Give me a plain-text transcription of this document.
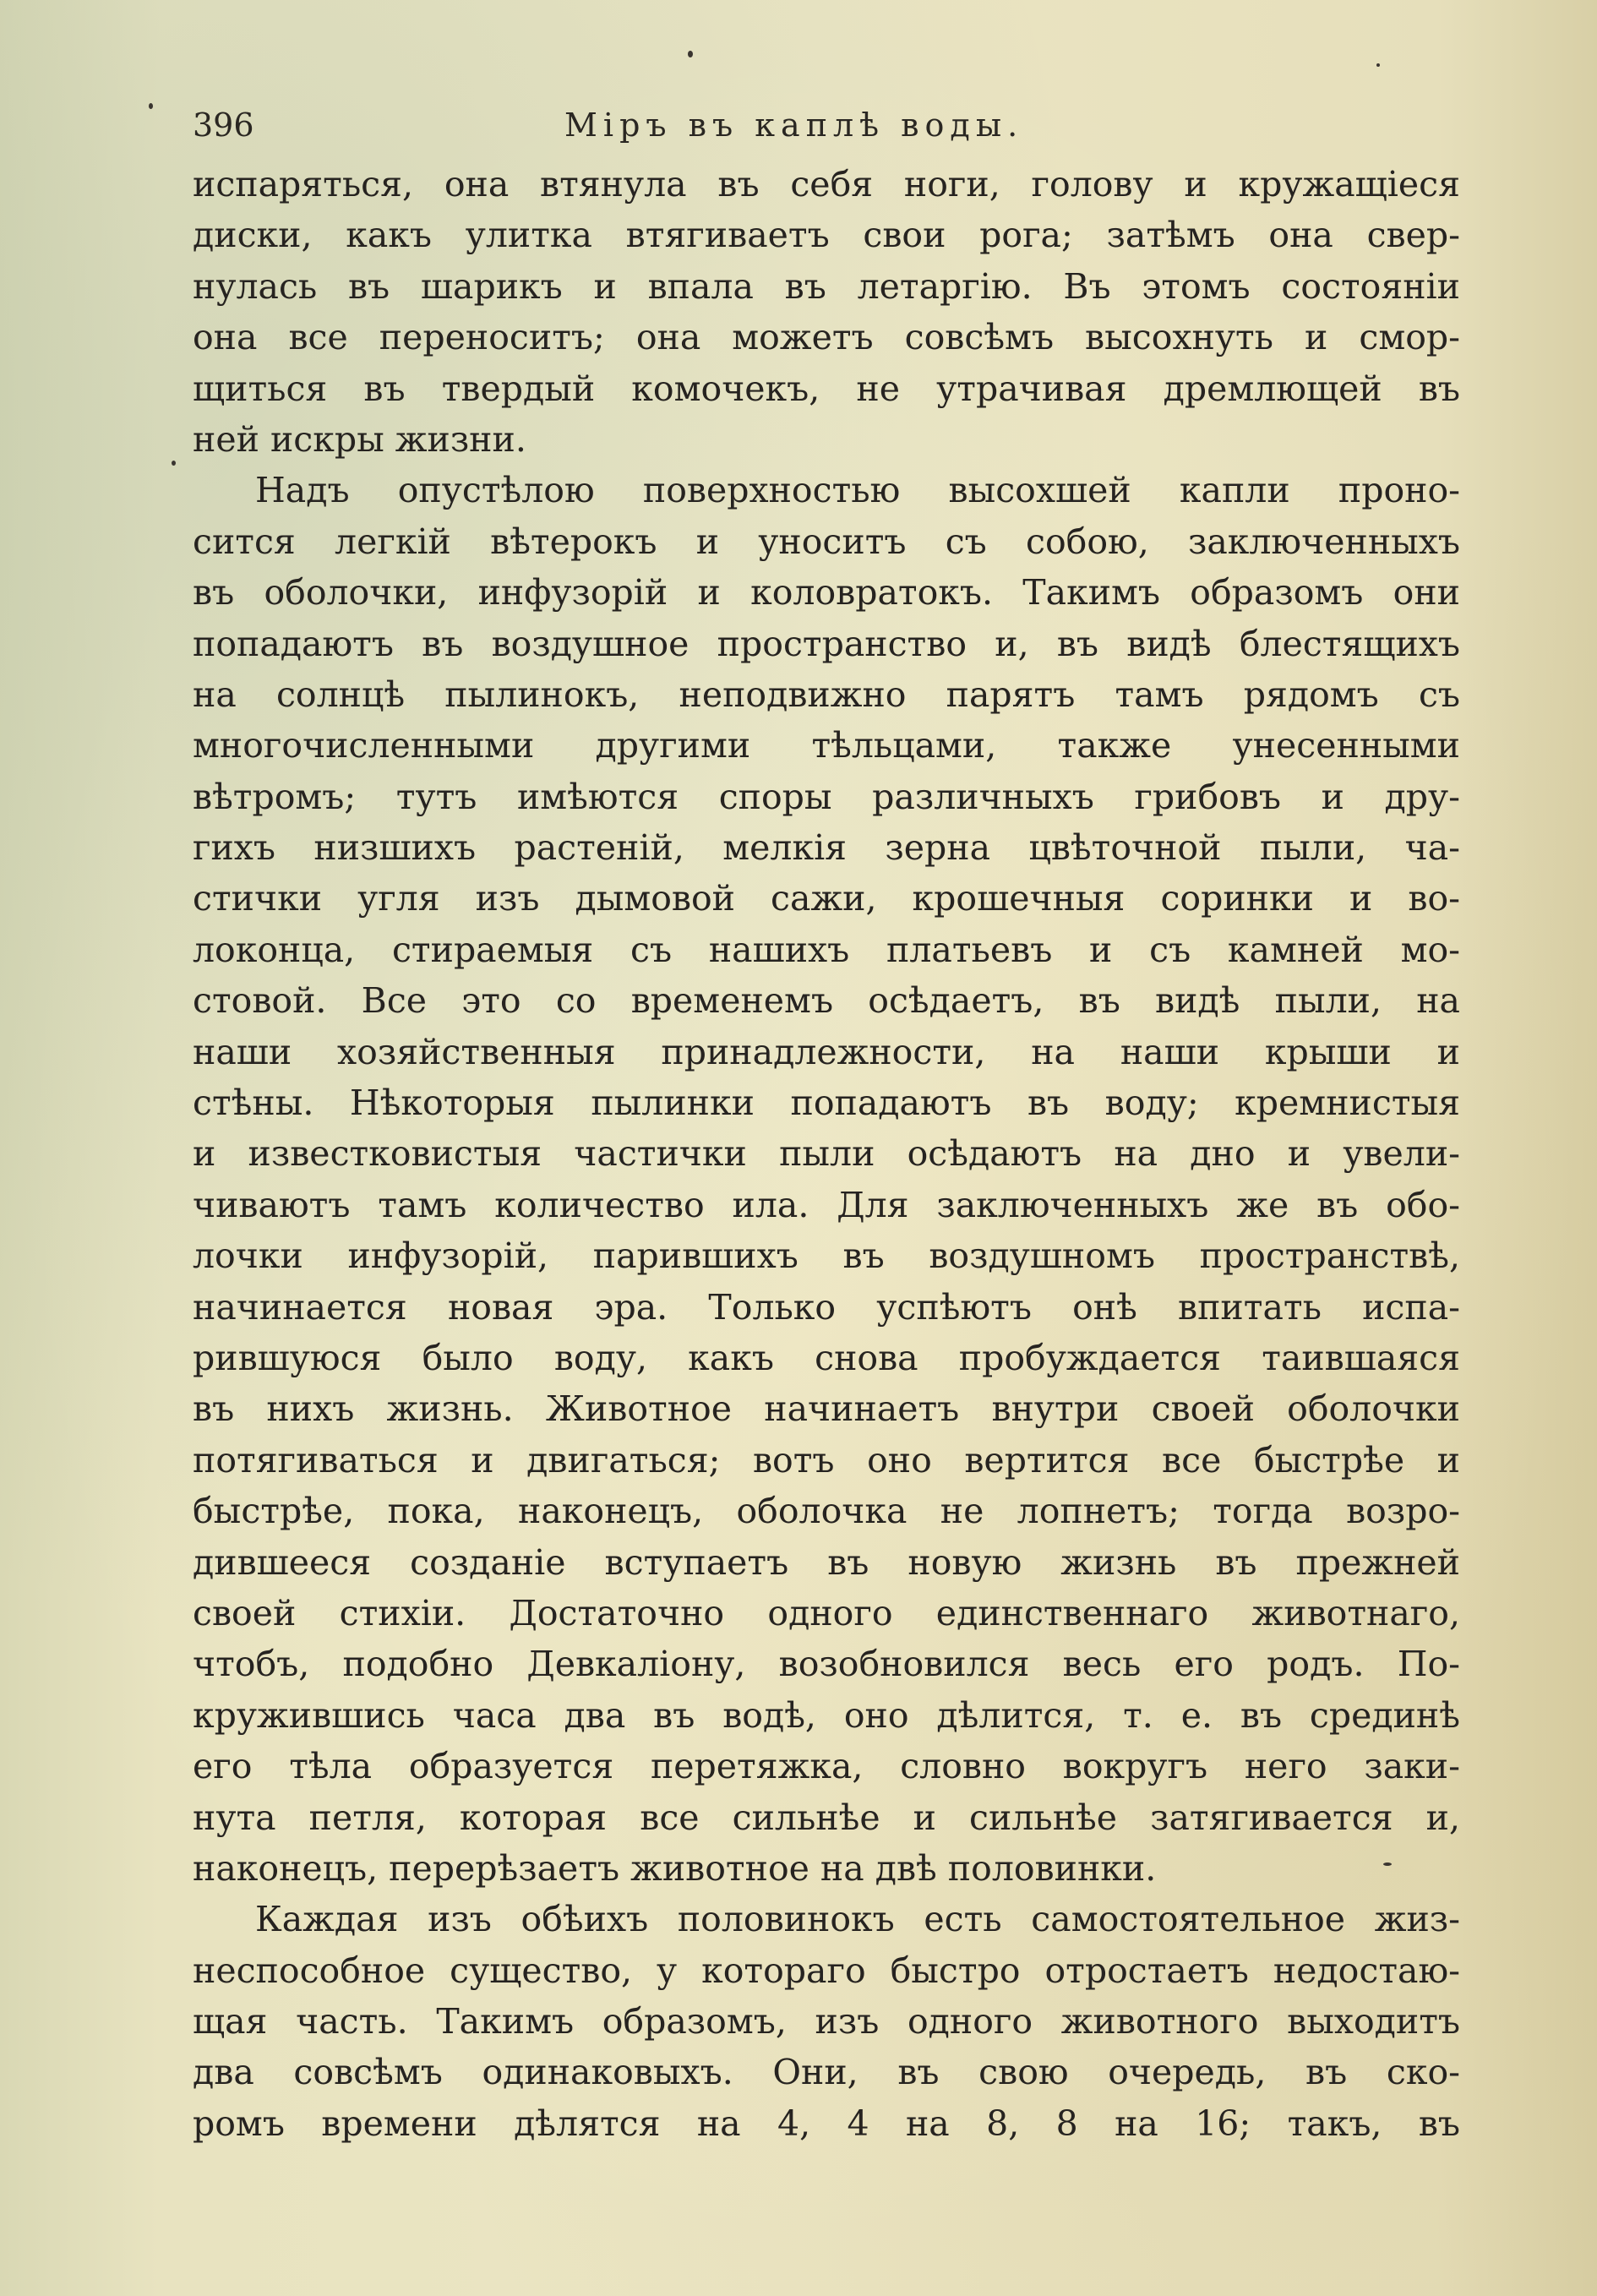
396	Міръ въ каплѣ воды.
испаряться, она втянула въ себя ноги, голову и кружащіеся
диски, какъ улитка втягиваетъ свои рога; затѣмъ она свер-
нулась въ шарикъ и впала въ летаргію. Въ этомъ состояніи
она все переноситъ; она можетъ совсѣмъ высохнуть и смор-
щиться въ твердый комочекъ, не утрачивая дремлющей въ
ней искры жизни.
Надъ опустѣлою поверхностью высохшей капли проно-
сится легкій вѣтерокъ и уноситъ съ собою, заключенныхъ
въ оболочки, инфузорій и коловратокъ. Такимъ образомъ они
попадаютъ въ воздушное пространство и, въ видѣ блестящихъ
на солнцѣ пылинокъ, неподвижно парятъ тамъ рядомъ съ
многочисленными другими тѣльцами, также унесенными
вѣтромъ; тутъ имѣются споры различныхъ грибовъ и дру-
гихъ низшихъ растеній, мелкія зерна цвѣточной пыли, ча-
стички угля изъ дымовой сажи, крошечныя соринки и во-
локонца, стираемыя съ нашихъ платьевъ и съ камней мо-
стовой. Все это со временемъ осѣдаетъ, въ видѣ пыли, на
наши хозяйственныя принадлежности, на наши крыши и
стѣны. Нѣкоторыя пылинки попадаютъ въ воду; кремнистыя
и известковистыя частички пыли осѣдаютъ на дно и увели-
чиваютъ тамъ количество ила. Для заключенныхъ же въ обо-
лочки инфузорій, парившихъ въ воздушномъ пространствѣ,
начинается новая эра. Только успѣютъ онѣ впитать испа-
рившуюся было воду, какъ снова пробуждается таившаяся
въ нихъ жизнь. Животное начинаетъ внутри своей оболочки
потягиваться и двигаться; вотъ оно вертится все быстрѣе и
быстрѣе, пока, наконецъ, оболочка не лопнетъ; тогда возро-
дившееся созданіе вступаетъ въ новую жизнь въ прежней
своей стихіи. Достаточно одного единственнаго животнаго,
чтобъ, подобно Девкаліону, возобновился весь его родъ. По-
кружившись часа два въ водѣ, оно дѣлится, т. е. въ срединѣ
его тѣла образуется перетяжка, словно вокругъ него заки-
нута петля, которая все сильнѣе и сильнѣе затягивается и,
наконецъ, перерѣзаетъ животное на двѣ половинки.
Каждая изъ обѣихъ половинокъ есть самостоятельное жиз-
неспособное существо, у котораго быстро отростаетъ недостаю-
щая часть. Такимъ образомъ, изъ одного животного выходитъ
два совсѣмъ одинаковыхъ. Они, въ свою очередь, въ ско-
ромъ времени дѣлятся на 4, 4 на 8, 8 на 16; такъ, въ
